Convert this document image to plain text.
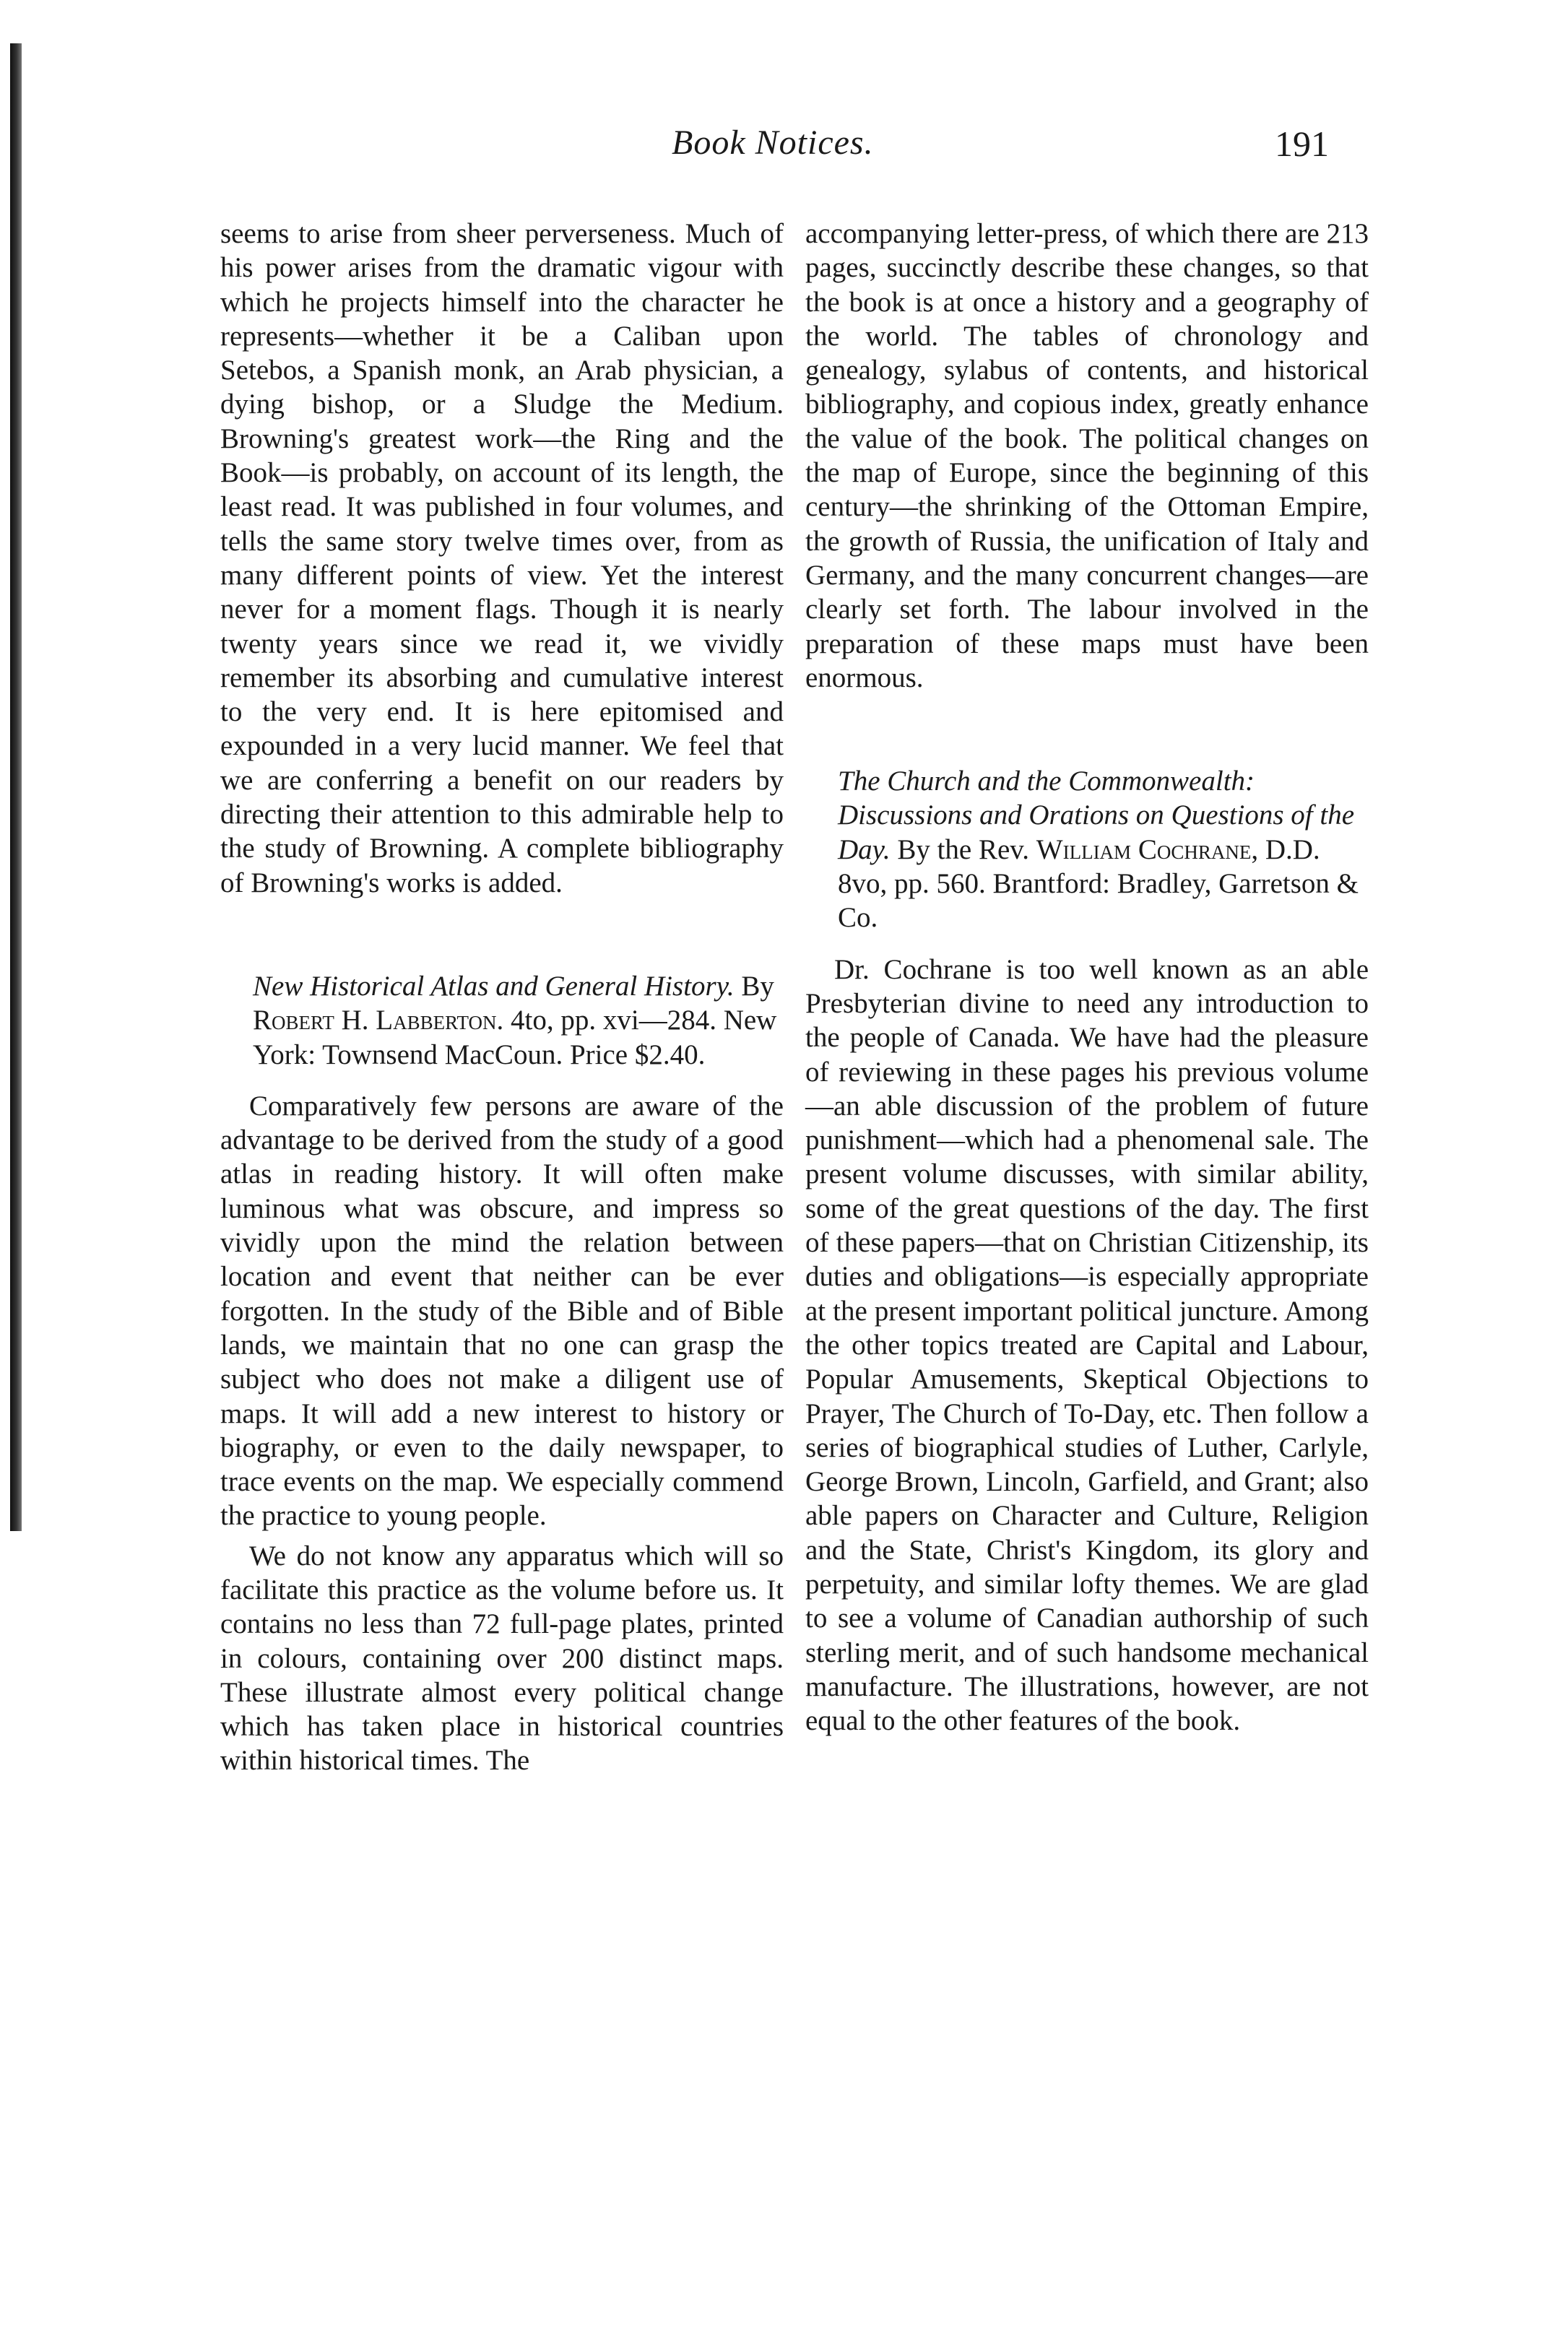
Book Notices.	191

seems to arise from sheer perverseness. Much of his power arises from the dramatic vigour with which he projects himself into the character he represents—whether it be a Caliban upon Setebos, a Spanish monk, an Arab physician, a dying bishop, or a Sludge the Medium. Browning's greatest work—the Ring and the Book—is probably, on account of its length, the least read. It was published in four volumes, and tells the same story twelve times over, from as many different points of view. Yet the interest never for a moment flags. Though it is nearly twenty years since we read it, we vividly remember its absorbing and cumulative interest to the very end. It is here epitomised and expounded in a very lucid manner. We feel that we are conferring a benefit on our readers by directing their attention to this admirable help to the study of Browning. A complete bibliography of Browning's works is added.

New Historical Atlas and General History. By Robert H. Labberton. 4to, pp. xvi—284. New York: Townsend MacCoun. Price $2.40.

Comparatively few persons are aware of the advantage to be derived from the study of a good atlas in reading history. It will often make luminous what was obscure, and impress so vividly upon the mind the relation between location and event that neither can be ever forgotten. In the study of the Bible and of Bible lands, we maintain that no one can grasp the subject who does not make a diligent use of maps. It will add a new interest to history or biography, or even to the daily newspaper, to trace events on the map. We especially commend the practice to young people.

We do not know any apparatus which will so facilitate this practice as the volume before us. It contains no less than 72 full-page plates, printed in colours, containing over 200 distinct maps. These illustrate almost every political change which has taken place in historical countries within historical times. The

accompanying letter-press, of which there are 213 pages, succinctly describe these changes, so that the book is at once a history and a geography of the world. The tables of chronology and genealogy, sylabus of contents, and historical bibliography, and copious index, greatly enhance the value of the book. The political changes on the map of Europe, since the beginning of this century—the shrinking of the Ottoman Empire, the growth of Russia, the unification of Italy and Germany, and the many concurrent changes—are clearly set forth. The labour involved in the preparation of these maps must have been enormous.

The Church and the Commonwealth: Discussions and Orations on Questions of the Day. By the Rev. William Cochrane, D.D. 8vo, pp. 560. Brantford: Bradley, Garretson & Co.

Dr. Cochrane is too well known as an able Presbyterian divine to need any introduction to the people of Canada. We have had the pleasure of reviewing in these pages his previous volume—an able discussion of the problem of future punishment—which had a phenomenal sale. The present volume discusses, with similar ability, some of the great questions of the day. The first of these papers—that on Christian Citizenship, its duties and obligations—is especially appropriate at the present important political juncture. Among the other topics treated are Capital and Labour, Popular Amusements, Skeptical Objections to Prayer, The Church of To-Day, etc. Then follow a series of biographical studies of Luther, Carlyle, George Brown, Lincoln, Garfield, and Grant; also able papers on Character and Culture, Religion and the State, Christ's Kingdom, its glory and perpetuity, and similar lofty themes. We are glad to see a volume of Canadian authorship of such sterling merit, and of such handsome mechanical manufacture. The illustrations, however, are not equal to the other features of the book.
